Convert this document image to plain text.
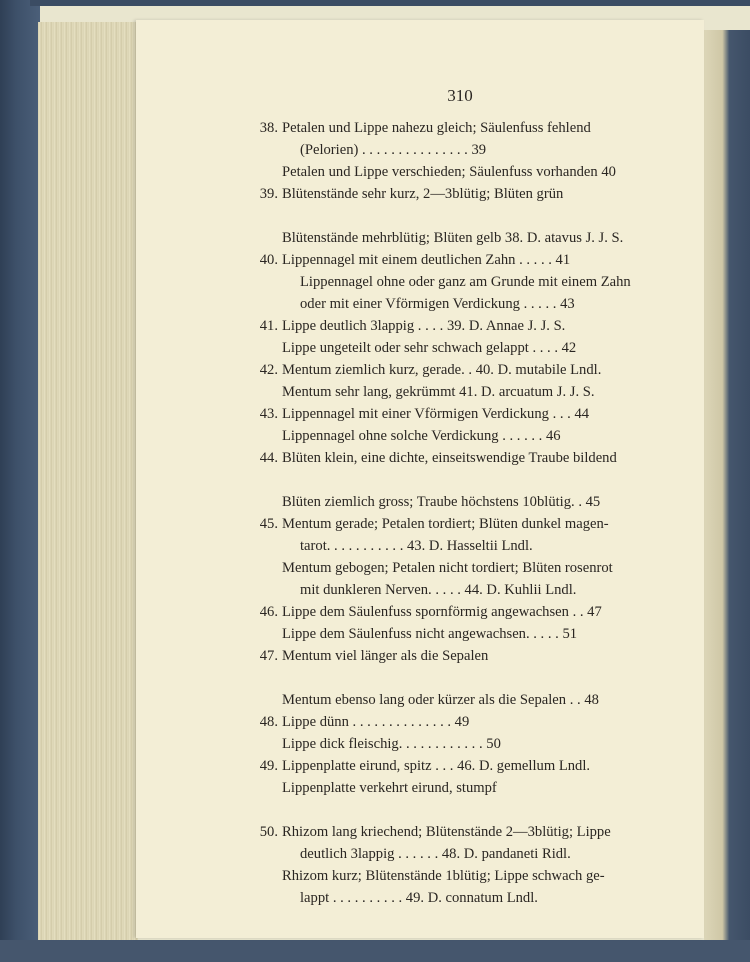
310
38. Petalen und Lippe nahezu gleich; Säulenfuss fehlend
(Pelorien) . . . . . . . . . . . . . . . 39
Petalen und Lippe verschieden; Säulenfuss vorhanden 40
39. Blütenstände sehr kurz, 2—3blütig; Blüten grün
Blütenstände mehrblütig; Blüten gelb 38. D. atavus J. J. S.
40. Lippennagel mit einem deutlichen Zahn . . . . . 41
Lippennagel ohne oder ganz am Grunde mit einem Zahn
oder mit einer Vförmigen Verdickung . . . . . 43
41. Lippe deutlich 3lappig . . . . 39. D. Annae J. J. S.
Lippe ungeteilt oder sehr schwach gelappt . . . . 42
42. Mentum ziemlich kurz, gerade. . 40. D. mutabile Lndl.
Mentum sehr lang, gekrümmt 41. D. arcuatum J. J. S.
43. Lippennagel mit einer Vförmigen Verdickung . . . 44
Lippennagel ohne solche Verdickung . . . . . . 46
44. Blüten klein, eine dichte, einseitswendige Traube bildend
Blüten ziemlich gross; Traube höchstens 10blütig. . 45
45. Mentum gerade; Petalen tordiert; Blüten dunkel magen-
tarot. . . . . . . . . . . 43. D. Hasseltii Lndl.
Mentum gebogen; Petalen nicht tordiert; Blüten rosenrot
mit dunkleren Nerven. . . . . 44. D. Kuhlii Lndl.
46. Lippe dem Säulenfuss spornförmig angewachsen . . 47
Lippe dem Säulenfuss nicht angewachsen. . . . . 51
47. Mentum viel länger als die Sepalen
Mentum ebenso lang oder kürzer als die Sepalen . . 48
48. Lippe dünn . . . . . . . . . . . . . . 49
Lippe dick fleischig. . . . . . . . . . . . 50
49. Lippenplatte eirund, spitz . . . 46. D. gemellum Lndl.
Lippenplatte verkehrt eirund, stumpf
50. Rhizom lang kriechend; Blütenstände 2—3blütig; Lippe
deutlich 3lappig . . . . . . 48. D. pandaneti Ridl.
Rhizom kurz; Blütenstände 1blütig; Lippe schwach ge-
lappt . . . . . . . . . . 49. D. connatum Lndl.
